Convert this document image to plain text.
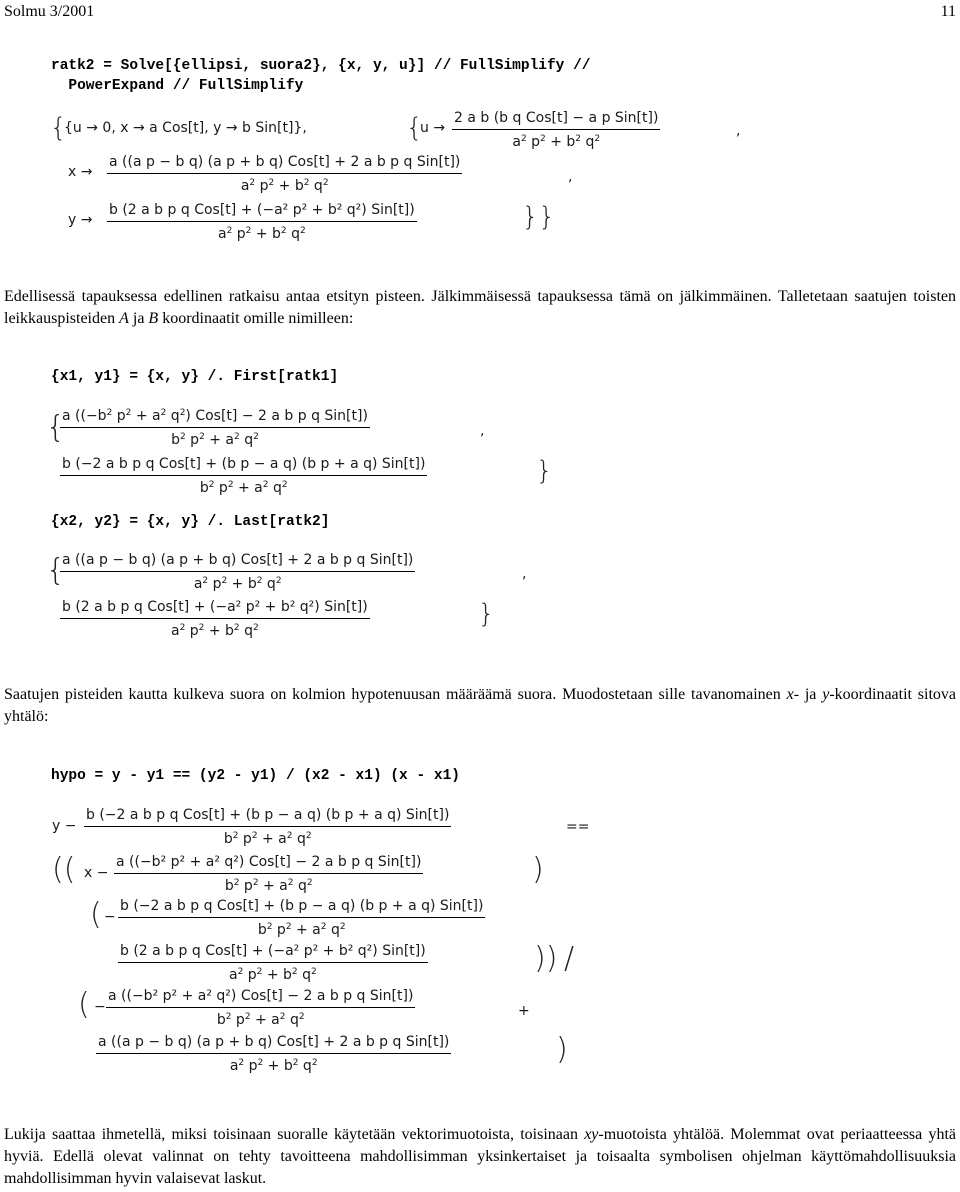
Solmu 3/2001	11
ratk2 = Solve[{ellipsi, suora2}, {x, y, u}] // FullSimplify //
PowerExpand // FullSimplify
{
{u → 0, x → a Cos[t], y → b Sin[t]},	{
u →
2 a b (b q Cos[t] − a p Sin[t])
$a^2$ $p^2 + b^2$ $q^2$	,
x →
a ((a p − b q) (a p + b q) Cos[t] + 2 a b p q Sin[t])
$a^2$ $p^2 + b^2$ $q^2$	,
y →
b (2 a b p q Cos[t] + (−a² p² + b² q²) Sin[t])
$a^2$ $p^2 + b^2$ $q^2$	}}
Edellisessä tapauksessa edellinen ratkaisu antaa etsityn pisteen. Jälkimmäisessä tapauksessa tämä on jälkimmäinen. Talletetaan saatujen toisten leikkauspisteiden A ja B koordinaatit omille nimilleen:
{x1, y1} = {x, y} /. First[ratk1]
{
a (($-b^2$ $p^2 + a^2$ $q^2$) Cos[t] − 2 a b p q Sin[t])
$b^2$ $p^2 + a^2$ $q^2$	,
b (−2 a b p q Cos[t] + (b p − a q) (b p + a q) Sin[t])
$b^2$ $p^2 + a^2$ $q^2$	}
{x2, y2} = {x, y} /. Last[ratk2]
{
a ((a p − b q) (a p + b q) Cos[t] + 2 a b p q Sin[t])
$a^2$ $p^2 + b^2$ $q^2$	,
b (2 a b p q Cos[t] + (−a² p² + b² q²) Sin[t])
$a^2$ $p^2 + b^2$ $q^2$	}
Saatujen pisteiden kautta kulkeva suora on kolmion hypotenuusan määräämä suora. Muodostetaan sille tavanomainen x- ja y-koordinaatit sitova yhtälö:
hypo = y - y1 == (y2 - y1) / (x2 - x1) (x - x1)
y −
b (−2 a b p q Cos[t] + (b p − a q) (b p + a q) Sin[t])
$b^2$ $p^2 + a^2$ $q^2$
==
(( x −
a ((−b² p² + a² q²) Cos[t] − 2 a b p q Sin[t])
$b^2$ $p^2 + a^2$ $q^2$	)
( −
b (−2 a b p q Cos[t] + (b p − a q) (b p + a q) Sin[t])
$b^2$ $p^2 + a^2$ $q^2$
b (2 a b p q Cos[t] + (−a² p² + b² q²) Sin[t])
$a^2$ $p^2 + b^2$ $q^2$	)) /
( −
a ((−b² p² + a² q²) Cos[t] − 2 a b p q Sin[t])
$b^2$ $p^2 + a^2$ $q^2$	+
a ((a p − b q) (a p + b q) Cos[t] + 2 a b p q Sin[t])
$a^2$ $p^2 + b^2$ $q^2$	)
Lukija saattaa ihmetellä, miksi toisinaan suoralle käytetään vektorimuotoista, toisinaan xy-muotoista yhtälöä. Molemmat ovat periaatteessa yhtä hyviä. Edellä olevat valinnat on tehty tavoitteena mahdollisimman yksinkertaiset ja toisaalta symbolisen ohjelman käyttömahdollisuuksia mahdollisimman hyvin valaisevat laskut.
